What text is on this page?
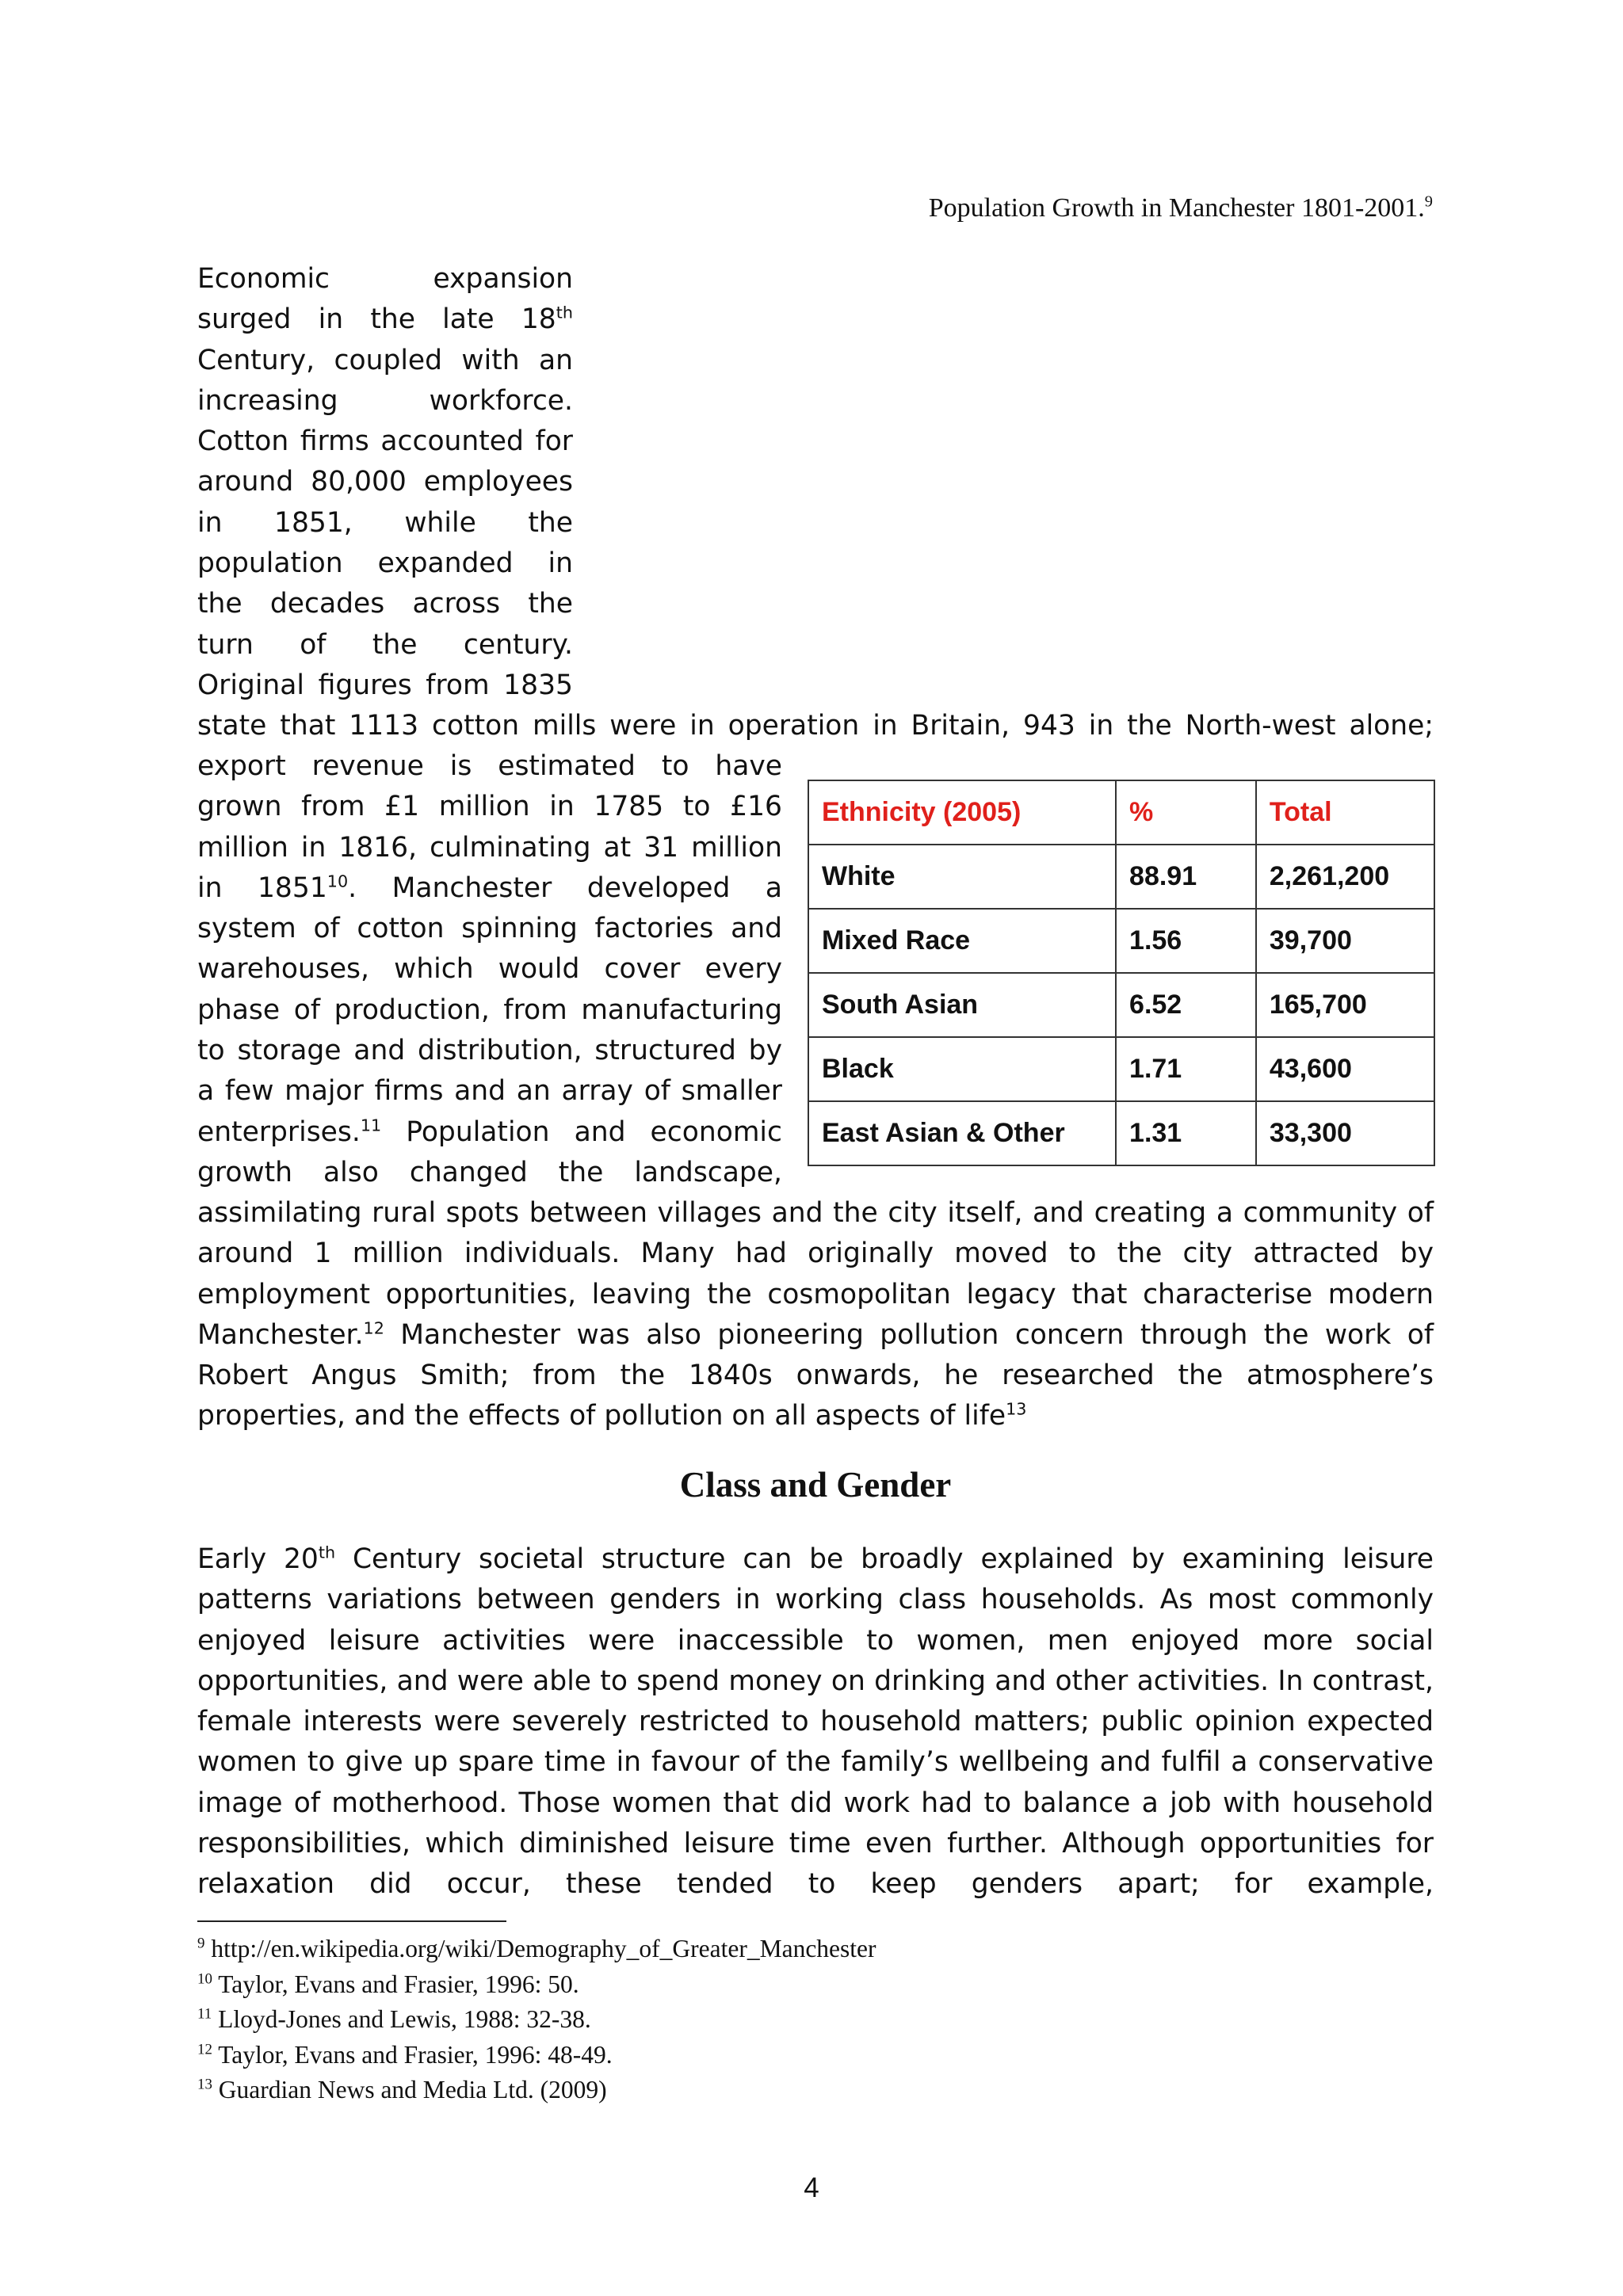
Population Growth in Manchester 1801-2001.$^9$

Economic expansion surged in the late 18th Century, coupled with an increasing workforce. Cotton firms accounted for around 80,000 employees in 1851, while the population expanded in the decades across the turn of the century. Original figures from 1835

state that 1113 cotton mills were in operation in Britain, 943 in the North-west alone;

export revenue is estimated to have grown from £1 million in 1785 to £16 million in 1816, culminating at 31 million in 1851$^{10}$. Manchester developed a system of cotton spinning factories and warehouses, which would cover every phase of production, from manufacturing to storage and distribution, structured by a few major firms and an array of smaller enterprises.$^{11}$ Population and economic growth also changed the landscape,

Ethnicity (2005)	%	Total
White	88.91	2,261,200
Mixed Race	1.56	39,700
South Asian	6.52	165,700
Black	1.71	43,600
East Asian & Other	1.31	33,300

assimilating rural spots between villages and the city itself, and creating a community of around 1 million individuals. Many had originally moved to the city attracted by employment opportunities, leaving the cosmopolitan legacy that characterise modern Manchester.$^{12}$ Manchester was also pioneering pollution concern through the work of Robert Angus Smith; from the 1840s onwards, he researched the atmosphere’s properties, and the effects of pollution on all aspects of life$^{13}$

Class and Gender

Early 20th Century societal structure can be broadly explained by examining leisure patterns variations between genders in working class households. As most commonly enjoyed leisure activities were inaccessible to women, men enjoyed more social opportunities, and were able to spend money on drinking and other activities. In contrast, female interests were severely restricted to household matters; public opinion expected women to give up spare time in favour of the family’s wellbeing and fulfil a conservative image of motherhood. Those women that did work had to balance a job with household responsibilities, which diminished leisure time even further. Although opportunities for relaxation did occur, these tended to keep genders apart; for example,

$^9$ http://en.wikipedia.org/wiki/Demography_of_Greater_Manchester
$^{10}$ Taylor, Evans and Frasier, 1996: 50.
$^{11}$ Lloyd-Jones and Lewis, 1988: 32-38.
$^{12}$ Taylor, Evans and Frasier, 1996: 48-49.
$^{13}$ Guardian News and Media Ltd. (2009)
4
